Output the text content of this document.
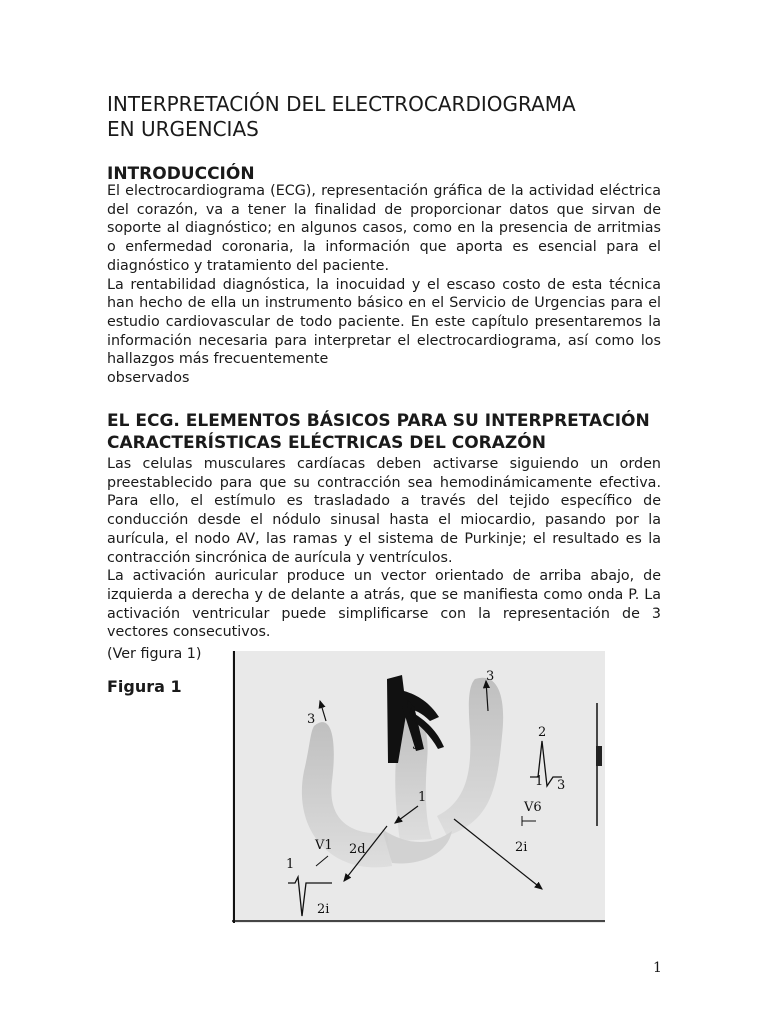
INTERPRETACIÓN DEL ELECTROCARDIOGRAMA
EN URGENCIAS
INTRODUCCIÓN

El electrocardiograma (ECG), representación gráfica de la actividad eléctrica del corazón, va a tener la finalidad de proporcionar datos que sirvan de soporte al diagnóstico; en algunos casos, como en la presencia de arritmias o enfermedad coronaria, la información que aporta es esencial para el diagnóstico y tratamiento del paciente.

La rentabilidad diagnóstica, la inocuidad y el escaso costo de esta técnica han hecho de ella un instrumento básico en el Servicio de Urgencias para el estudio cardiovascular de todo paciente. En este capítulo presentaremos la información necesaria para interpretar el electrocardiograma, así como los hallazgos más frecuentemente

observados

EL ECG. ELEMENTOS BÁSICOS PARA SU INTERPRETACIÓN
CARACTERÍSTICAS ELÉCTRICAS DEL CORAZÓN

Las celulas musculares cardíacas deben activarse siguiendo un orden preestablecido para que su contracción sea hemodinámicamente efectiva. Para ello, el estímulo es trasladado a través del tejido específico de conducción desde el nódulo sinusal hasta el miocardio, pasando por la aurícula, el nodo AV, las ramas y el sistema de Purkinje; el resultado es la contracción sincrónica de aurícula y ventrículos.

La activación auricular produce un vector orientado de arriba abajo, de izquierda a derecha y de delante a atrás, que se manifiesta como onda P. La activación ventricular puede simplificarse con la representación de 3 vectores consecutivos.

(Ver figura 1)
Figura 1
3
3
3
1
2d	2i
V1
V6
1
2i
2
1 3
1
